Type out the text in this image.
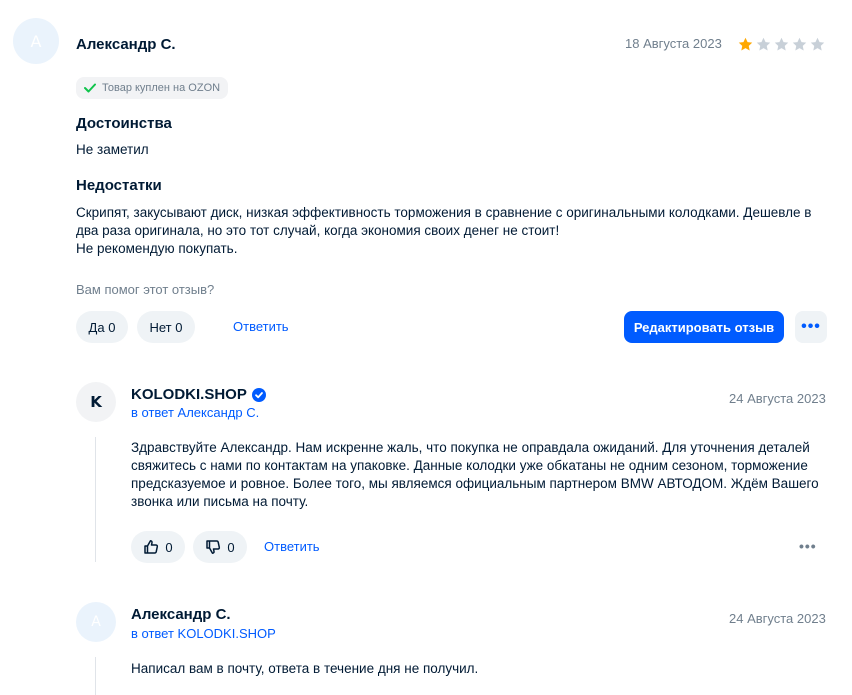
А Александр С.	18 Августа 2023
Товар куплен на OZON
Достоинства
Не заметил
Недостатки
Скрипят, закусывают диск, низкая эффективность торможения в сравнение с оригинальными колодками. Дешевле в
два раза оригинала, но это тот случай, когда экономия своих денег не стоит!
Не рекомендую покупать.
Вам помог этот отзыв?
Да 0	Нет 0	Ответить	Редактировать отзыв •••
K KOLODKI.SHOP
в ответ Александр С.
24 Августа 2023
Здравствуйте Александр. Нам искренне жаль, что покупка не оправдала ожиданий. Для уточнения деталей
свяжитесь с нами по контактам на упаковке. Данные колодки уже обкатаны не одним сезоном, торможение
предсказуемое и ровное. Более того, мы являемся официальным партнером BMW АВТОДОМ. Ждём Вашего
звонка или письма на почту.
0	0 Ответить	•••
А Александр С.
в ответ KOLODKI.SHOP
24 Августа 2023
Написал вам в почту, ответа в течение дня не получил.
